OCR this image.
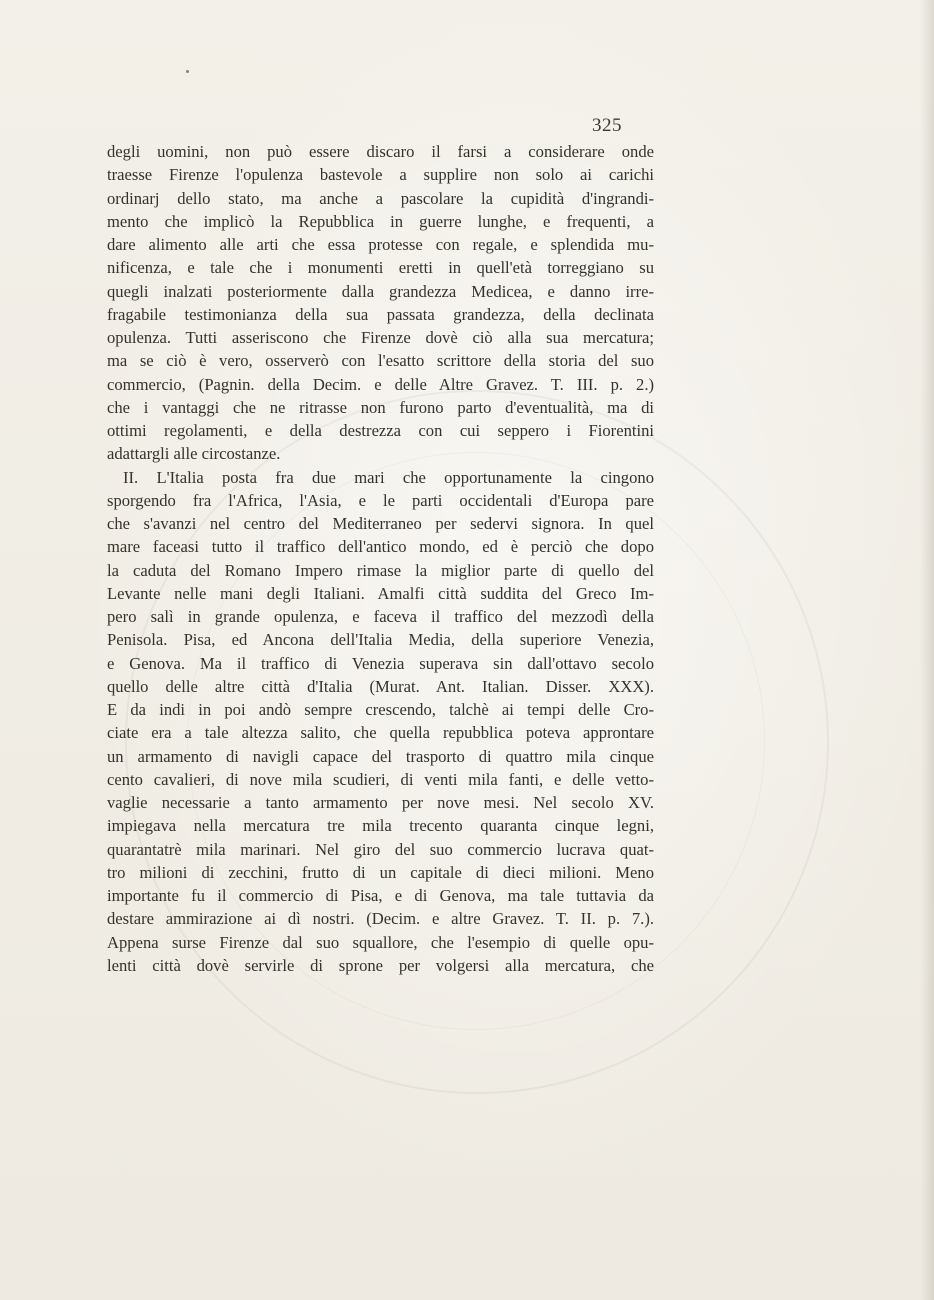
325
degli uomini, non può essere discaro il farsi a considerare onde
traesse Firenze l'opulenza bastevole a supplire non solo ai carichi
ordinarj dello stato, ma anche a pascolare la cupidità d'ingrandi-
mento che implicò la Repubblica in guerre lunghe, e frequenti, a
dare alimento alle arti che essa protesse con regale, e splendida mu-
nificenza, e tale che i monumenti eretti in quell'età torreggiano su
quegli inalzati posteriormente dalla grandezza Medicea, e danno irre-
fragabile testimonianza della sua passata grandezza, della declinata
opulenza. Tutti asseriscono che Firenze dovè ciò alla sua mercatura;
ma se ciò è vero, osserverò con l'esatto scrittore della storia del suo
commercio, (Pagnin. della Decim. e delle Altre Gravez. T. III. p. 2.)
che i vantaggi che ne ritrasse non furono parto d'eventualità, ma di
ottimi regolamenti, e della destrezza con cui seppero i Fiorentini
adattargli alle circostanze.
II. L'Italia posta fra due mari che opportunamente la cingono
sporgendo fra l'Africa, l'Asia, e le parti occidentali d'Europa pare
che s'avanzi nel centro del Mediterraneo per sedervi signora. In quel
mare faceasi tutto il traffico dell'antico mondo, ed è perciò che dopo
la caduta del Romano Impero rimase la miglior parte di quello del
Levante nelle mani degli Italiani. Amalfi città suddita del Greco Im-
pero salì in grande opulenza, e faceva il traffico del mezzodì della
Penisola. Pisa, ed Ancona dell'Italia Media, della superiore Venezia,
e Genova. Ma il traffico di Venezia superava sin dall'ottavo secolo
quello delle altre città d'Italia (Murat. Ant. Italian. Disser. XXX).
E da indi in poi andò sempre crescendo, talchè ai tempi delle Cro-
ciate era a tale altezza salito, che quella repubblica poteva approntare
un armamento di navigli capace del trasporto di quattro mila cinque
cento cavalieri, di nove mila scudieri, di venti mila fanti, e delle vetto-
vaglie necessarie a tanto armamento per nove mesi. Nel secolo XV.
impiegava nella mercatura tre mila trecento quaranta cinque legni,
quarantatrè mila marinari. Nel giro del suo commercio lucrava quat-
tro milioni di zecchini, frutto di un capitale di dieci milioni. Meno
importante fu il commercio di Pisa, e di Genova, ma tale tuttavia da
destare ammirazione ai dì nostri. (Decim. e altre Gravez. T. II. p. 7.).
Appena surse Firenze dal suo squallore, che l'esempio di quelle opu-
lenti città dovè servirle di sprone per volgersi alla mercatura, che
